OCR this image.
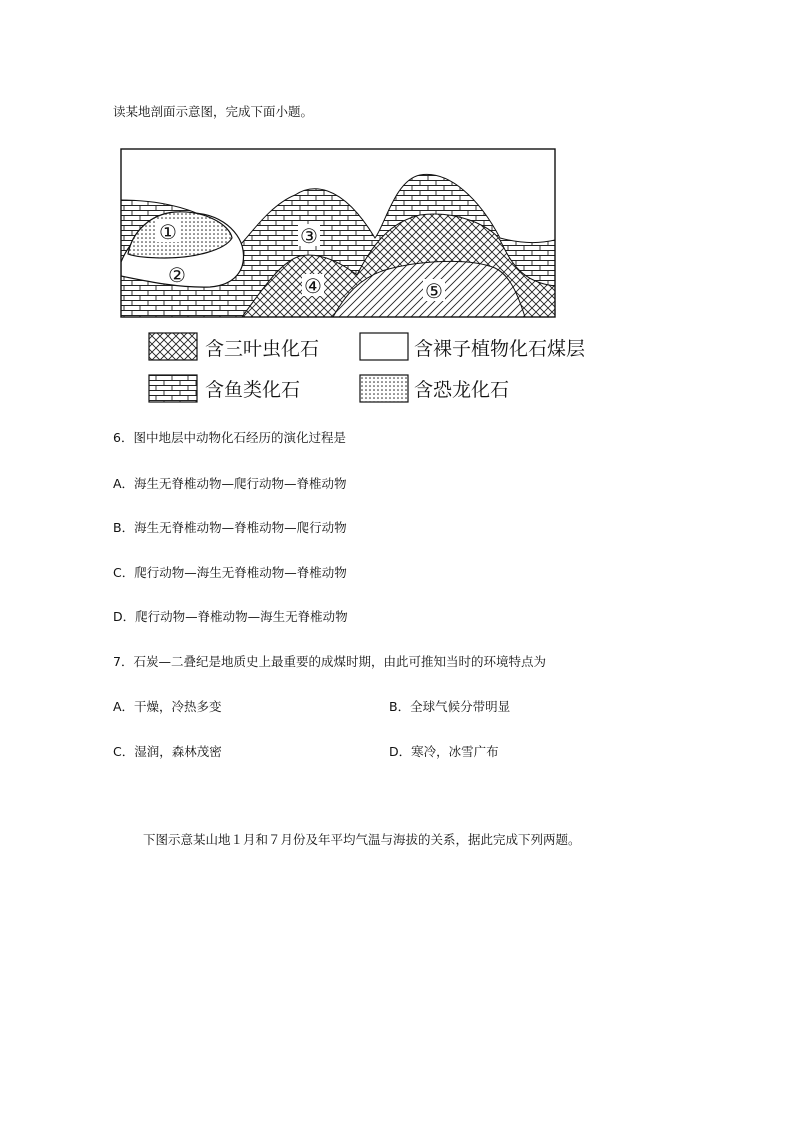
读某地剖面示意图，完成下面小题。
①
②
③
④	⑤
含三叶虫化石	含裸子植物化石煤层
含鱼类化石	含恐龙化石
6．图中地层中动物化石经历的演化过程是
A．海生无脊椎动物—爬行动物—脊椎动物
B．海生无脊椎动物—脊椎动物—爬行动物
C．爬行动物—海生无脊椎动物—脊椎动物
D．爬行动物—脊椎动物—海生无脊椎动物
7．石炭—二叠纪是地质史上最重要的成煤时期，由此可推知当时的环境特点为
A．干燥，冷热多变	B．全球气候分带明显
C．湿润，森林茂密	D．寒冷，冰雪广布
下图示意某山地１月和７月份及年平均气温与海拔的关系，据此完成下列两题。
